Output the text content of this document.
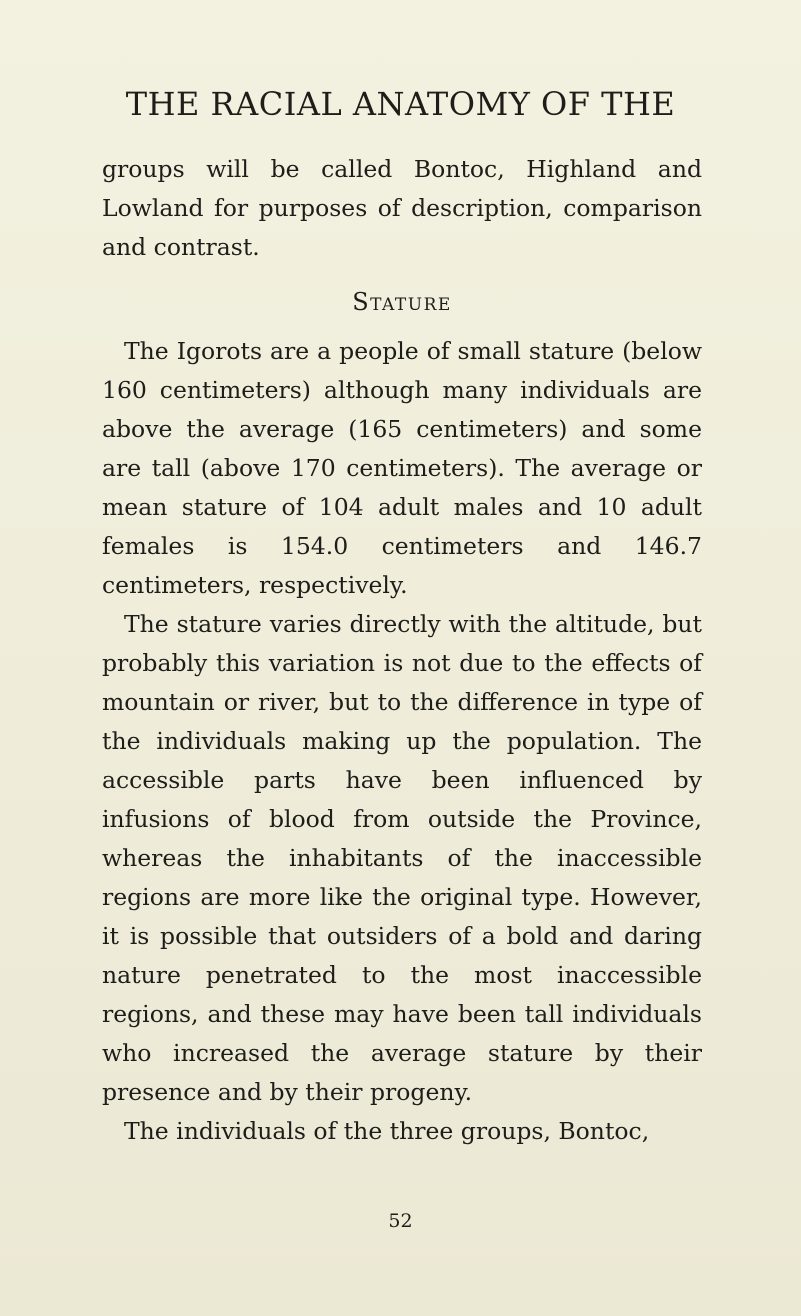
THE RACIAL ANATOMY OF THE

groups will be called Bontoc, Highland and Lowland for purposes of description, comparison and contrast.

Stature

The Igorots are a people of small stature (below 160 centimeters) although many individuals are above the average (165 centimeters) and some are tall (above 170 centimeters). The average or mean stature of 104 adult males and 10 adult females is 154.0 centimeters and 146.7 centimeters, respectively.

The stature varies directly with the altitude, but probably this variation is not due to the effects of mountain or river, but to the difference in type of the individuals making up the population. The accessible parts have been influenced by infusions of blood from outside the Province, whereas the inhabitants of the inaccessible regions are more like the original type. However, it is possible that outsiders of a bold and daring nature penetrated to the most inaccessible regions, and these may have been tall individuals who increased the average stature by their presence and by their progeny.

The individuals of the three groups, Bontoc,

52
